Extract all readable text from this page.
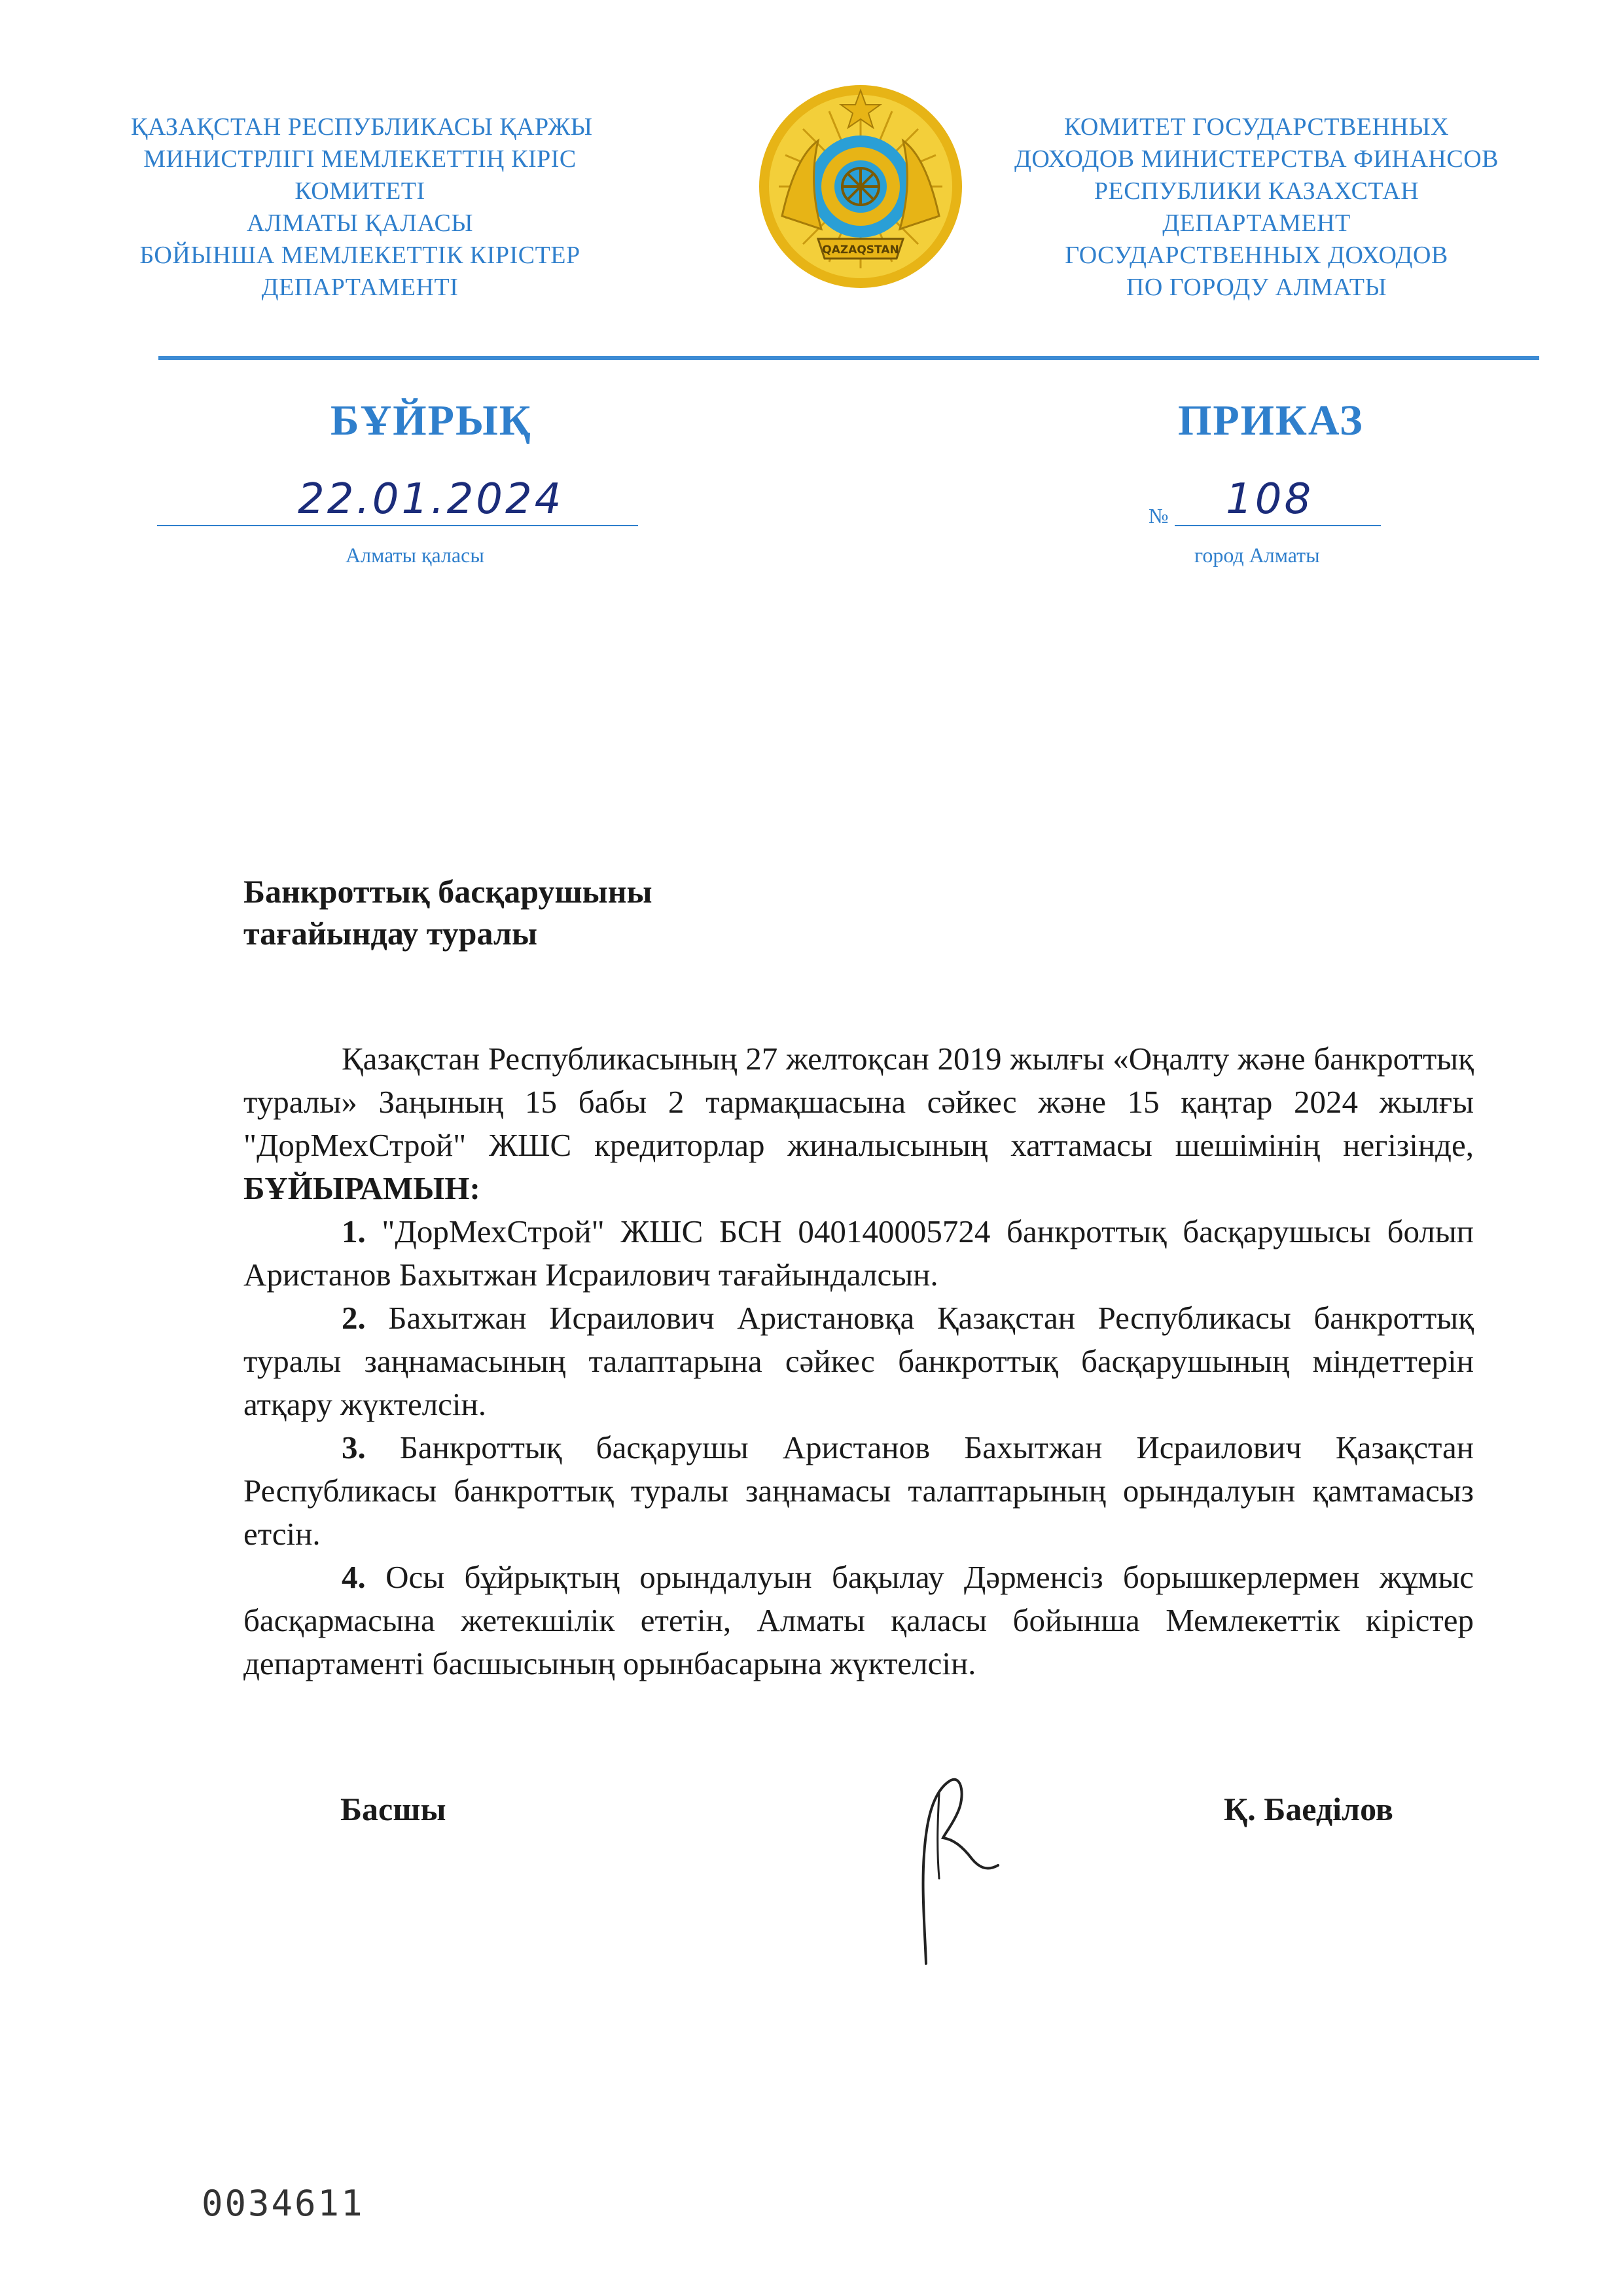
ҚАЗАҚСТАН РЕСПУБЛИКАСЫ ҚАРЖЫ
МИНИСТРЛІГІ МЕМЛЕКЕТТІҢ КІРІС
КОМИТЕТІ
АЛМАТЫ ҚАЛАСЫ
БОЙЫНША МЕМЛЕКЕТТІК КІРІСТЕР
ДЕПАРТАМЕНТІ
QAZAQSTAN
КОМИТЕТ ГОСУДАРСТВЕННЫХ
ДОХОДОВ МИНИСТЕРСТВА ФИНАНСОВ
РЕСПУБЛИКИ КАЗАХСТАН
ДЕПАРТАМЕНТ
ГОСУДАРСТВЕННЫХ ДОХОДОВ
ПО ГОРОДУ АЛМАТЫ
БҰЙРЫҚ	ПРИКАЗ
22.01.2024
Алматы қаласы
№ 108
город Алматы
Банкроттық басқарушыны
тағайындау туралы

Қазақстан Республикасының 27 желтоқсан 2019 жылғы «Оңалту және банкроттық туралы» Заңының 15 бабы 2 тармақшасына сәйкес және 15 қаңтар 2024 жылғы "ДорМехСтрой" ЖШС кредиторлар жиналысының хаттамасы шешімінің негізінде, БҰЙЫРАМЫН:

1. "ДорМехСтрой" ЖШС БСН 040140005724 банкроттық басқарушысы болып Аристанов Бахытжан Исраилович тағайындалсын.

2. Бахытжан Исраилович Аристановқа Қазақстан Республикасы банкроттық туралы заңнамасының талаптарына сәйкес банкроттық басқарушының міндеттерін атқару жүктелсін.

3. Банкроттық басқарушы Аристанов Бахытжан Исраилович Қазақстан Республикасы банкроттық туралы заңнамасы талаптарының орындалуын қамтамасыз етсін.

4. Осы бұйрықтың орындалуын бақылау Дәрменсіз борышкерлермен жұмыс басқармасына жетекшілік ететін, Алматы қаласы бойынша Мемлекеттік кірістер департаменті басшысының орынбасарына жүктелсін.

Басшы	Қ. Баеділов
0034611
